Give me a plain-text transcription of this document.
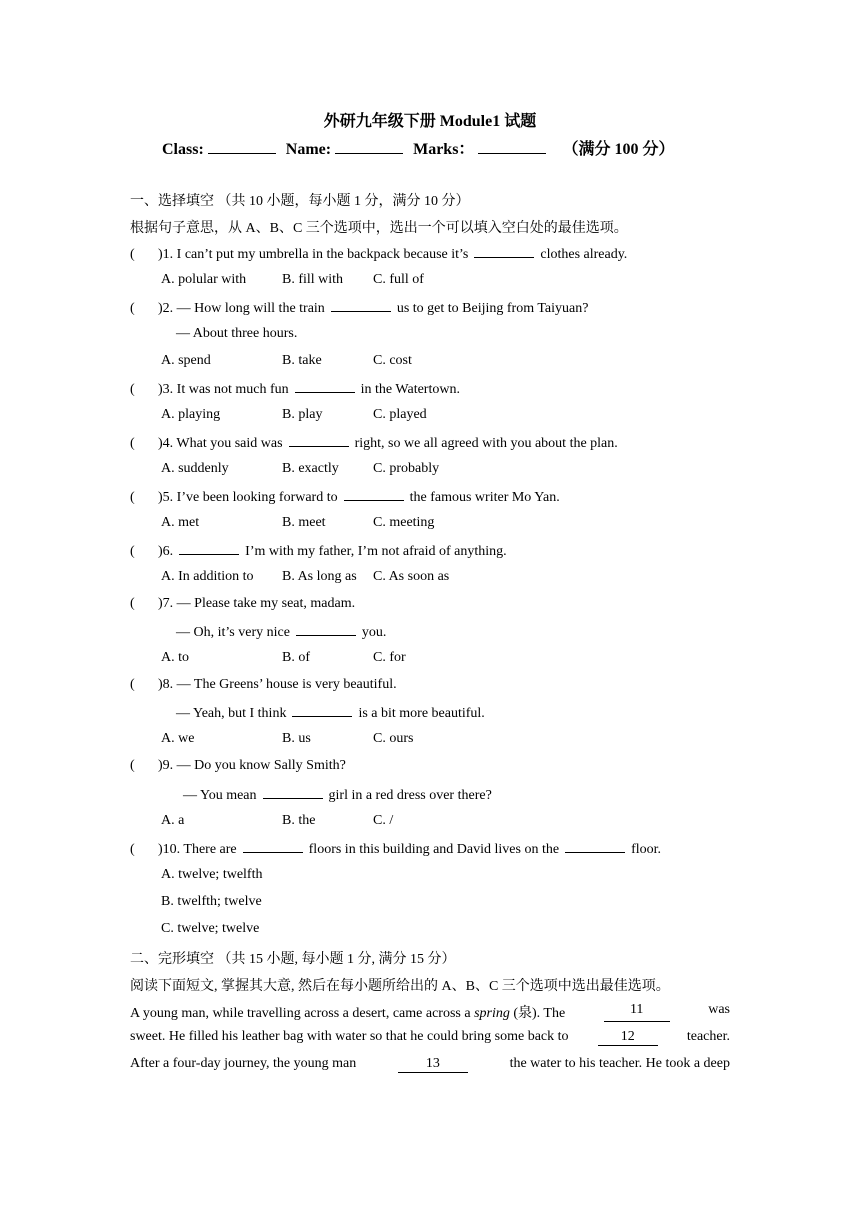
外研九年级下册 Module1 试题
Class:	Name:	Marks：	（满分 100 分）
一、选择填空 （共 10 小题，每小题 1 分，满分 10 分）
根据句子意思，从 A、B、C 三个选项中，选出一个可以填入空白处的最佳选项。
( )1. I can’t put my umbrella in the backpack because it’s	clothes already.
A. polular with	B. fill with C. full of
( )2. — How long will the train	us to get to Beijing from Taiyuan?
— About three hours.
A. spend	B. take	C. cost
( )3. It was not much fun	in the Watertown.
A. playing	B. play	C. played
( )4. What you said was	right, so we all agreed with you about the plan.
A. suddenly	B. exactly C. probably
( )5. I’ve been looking forward to	the famous writer Mo Yan.
A. met	B. meet	C. meeting
( )6.	I’m with my father, I’m not afraid of anything.
A. In addition to B. As long as C. As soon as
( )7. — Please take my seat, madam.
— Oh, it’s very nice	you.
A. to	B. of	C. for
( )8. — The Greens’ house is very beautiful.
— Yeah, but I think	is a bit more beautiful.
A. we	B. us	C. ours
( )9. — Do you know Sally Smith?
— You mean	girl in a red dress over there?
A. a	B. the	C. /
( )10. There are	floors in this building and David lives on the	floor.
A. twelve; twelfth
B. twelfth; twelve
C. twelve; twelve
二、完形填空 （共 15 小题, 每小题 1 分, 满分 15 分）
阅读下面短文, 掌握其大意, 然后在每小题所给出的 A、B、C 三个选项中选出最佳选项。
A young man, while travelling across a desert, came across a spring (泉). The	11	was
sweet. He filled his leather bag with water so that he could bring some back to	12	teacher.
After a four-day journey, the young man	13	the water to his teacher. He took a deep
